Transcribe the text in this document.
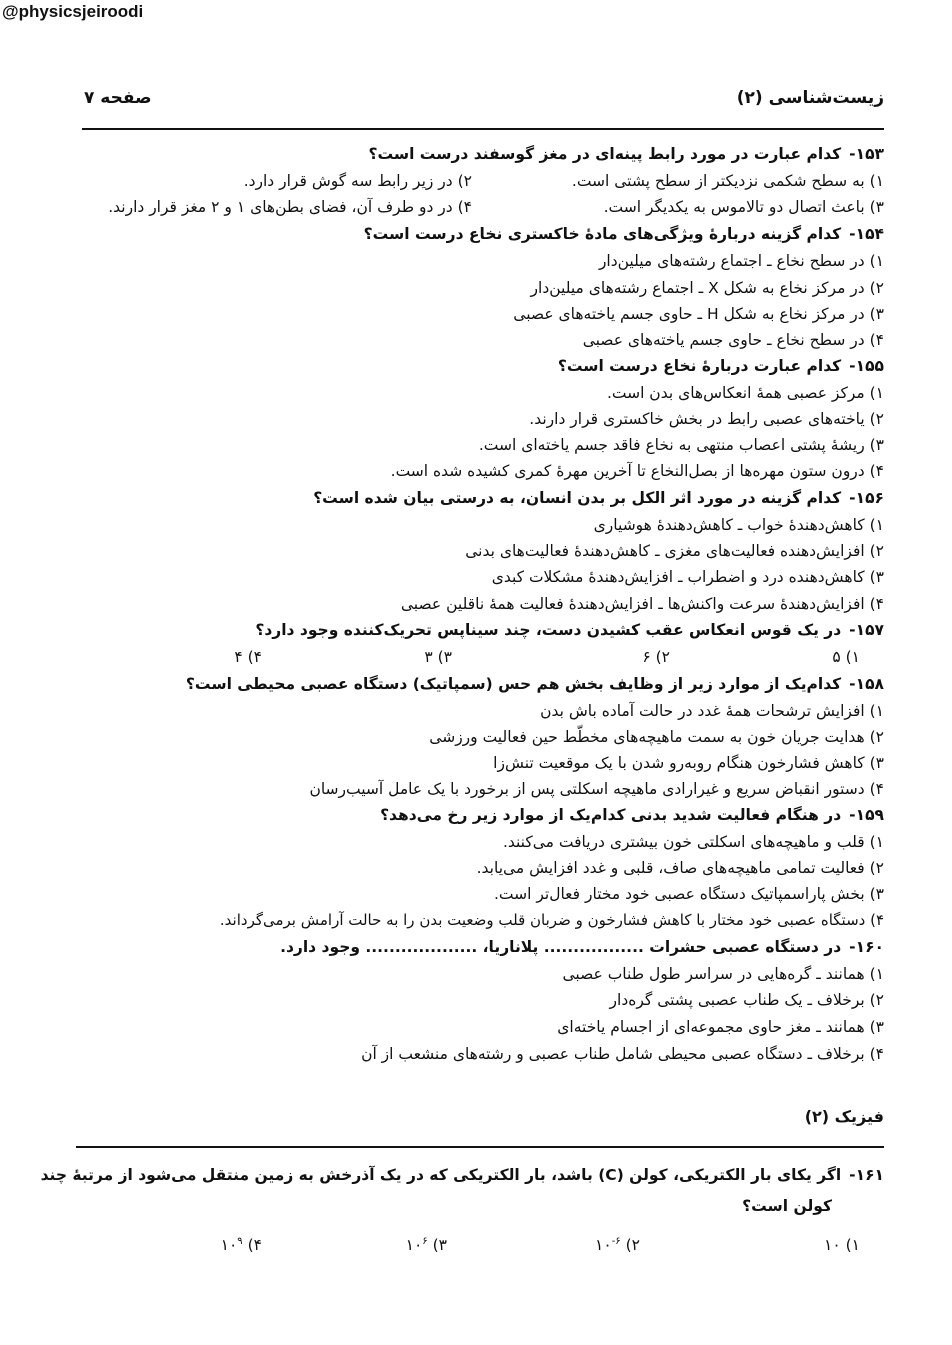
@physicsjeiroodi
زیست‌شناسی (۲)
صفحه ۷
۱۵۳-کدام عبارت در مورد رابط پینه‌ای در مغز گوسفند درست است؟
۱) به سطح شکمی نزدیکتر از سطح پشتی است.
۲) در زیر رابط سه گوش قرار دارد.
۳) باعث اتصال دو تالاموس به یکدیگر است.
۴) در دو طرف آن، فضای بطن‌های ۱ و ۲ مغز قرار دارند.
۱۵۴-کدام گزینه دربارهٔ ویژگی‌های مادهٔ خاکستری نخاع درست است؟
۱) در سطح نخاع ـ اجتماع رشته‌های میلین‌دار
۲) در مرکز نخاع به شکل X ـ اجتماع رشته‌های میلین‌دار
۳) در مرکز نخاع به شکل H ـ حاوی جسم یاخته‌های عصبی
۴) در سطح نخاع ـ حاوی جسم یاخته‌های عصبی
۱۵۵-کدام عبارت دربارهٔ نخاع درست است؟
۱) مرکز عصبی همهٔ انعکاس‌های بدن است.
۲) یاخته‌های عصبی رابط در بخش خاکستری قرار دارند.
۳) ریشهٔ پشتی اعصاب منتهی به نخاع فاقد جسم یاخته‌ای است.
۴) درون ستون مهره‌ها از بصل‌النخاع تا آخرین مهرهٔ کمری کشیده شده است.
۱۵۶-کدام گزینه در مورد اثر الکل بر بدن انسان، به درستی بیان شده است؟
۱) کاهش‌دهندهٔ خواب ـ کاهش‌دهندهٔ هوشیاری
۲) افزایش‌دهنده فعالیت‌های مغزی ـ کاهش‌دهندهٔ فعالیت‌های بدنی
۳) کاهش‌دهنده درد و اضطراب ـ افزایش‌دهندهٔ مشکلات کبدی
۴) افزایش‌دهندهٔ سرعت واکنش‌ها ـ افزایش‌دهندهٔ فعالیت همهٔ ناقلین عصبی
۱۵۷-در یک قوس انعکاس عقب کشیدن دست، چند سیناپس تحریک‌کننده وجود دارد؟
۱) ۵
۲) ۶
۳) ۳
۴) ۴
۱۵۸-کدام‌یک از موارد زیر از وظایف بخش هم حس (سمپاتیک) دستگاه عصبی محیطی است؟
۱) افزایش ترشحات همهٔ غدد در حالت آماده باش بدن
۲) هدایت جریان خون به سمت ماهیچه‌های مخطّط حین فعالیت ورزشی
۳) کاهش فشارخون هنگام روبه‌رو شدن با یک موقعیت تنش‌زا
۴) دستور انقباض سریع و غیرارادی ماهیچه اسکلتی پس از برخورد با یک عامل آسیب‌رسان
۱۵۹-در هنگام فعالیت شدید بدنی کدام‌یک از موارد زیر رخ می‌دهد؟
۱) قلب و ماهیچه‌های اسکلتی خون بیشتری دریافت می‌کنند.
۲) فعالیت تمامی ماهیچه‌های صاف، قلبی و غدد افزایش می‌یابد.
۳) بخش پاراسمپاتیک دستگاه عصبی خود مختار فعال‌تر است.
۴) دستگاه عصبی خود مختار با کاهش فشارخون و ضربان قلب وضعیت بدن را به حالت آرامش برمی‌گرداند.
۱۶۰-در دستگاه عصبی حشرات ................. پلاناریا، ................... وجود دارد.
۱) همانند ـ گره‌هایی در سراسر طول طناب عصبی
۲) برخلاف ـ یک طناب عصبی پشتی گره‌دار
۳) همانند ـ مغز حاوی مجموعه‌ای از اجسام یاخته‌ای
۴) برخلاف ـ دستگاه عصبی محیطی شامل طناب عصبی و رشته‌های منشعب از آن
فیزیک (۲)
۱۶۱-اگر یکای بار الکتریکی، کولن (C) باشد، بار الکتریکی که در یک آذرخش به زمین منتقل می‌شود از مرتبهٔ چند
کولن است؟
۱) ۱۰
۲) $۱۰^{-۶}$
۳) $۱۰^۶$
۴) $۱۰^۹$
